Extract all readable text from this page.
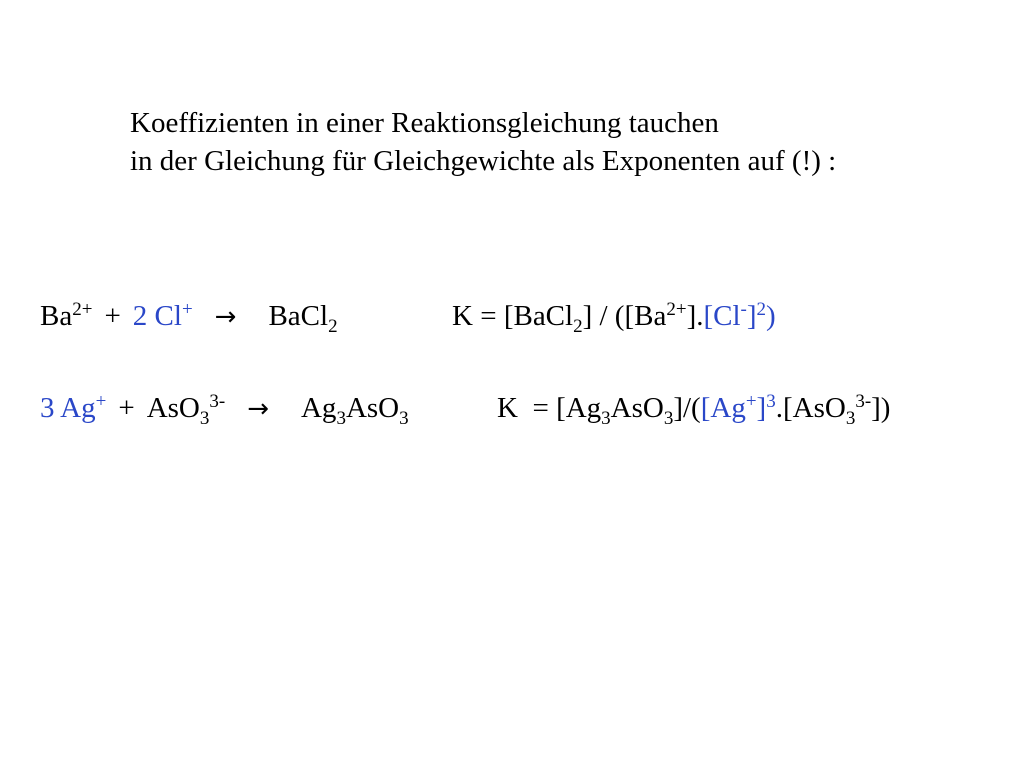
Koeffizienten in einer Reaktionsgleichung tauchen
in der Gleichung für Gleichgewichte als Exponenten auf (!) :
$Ba^{2+} + 2$ Cl+ → BaCl$_2$	K = [BaCl$_2$] / $([Ba^{2+}].[Cl^-]^2)$
3 $Ag^+ + AsO_3^{3-} \to Ag_3AsO_3$	$K = [Ag_3AsO_3]/([Ag^+]^3.[AsO_3^{3-}])$
